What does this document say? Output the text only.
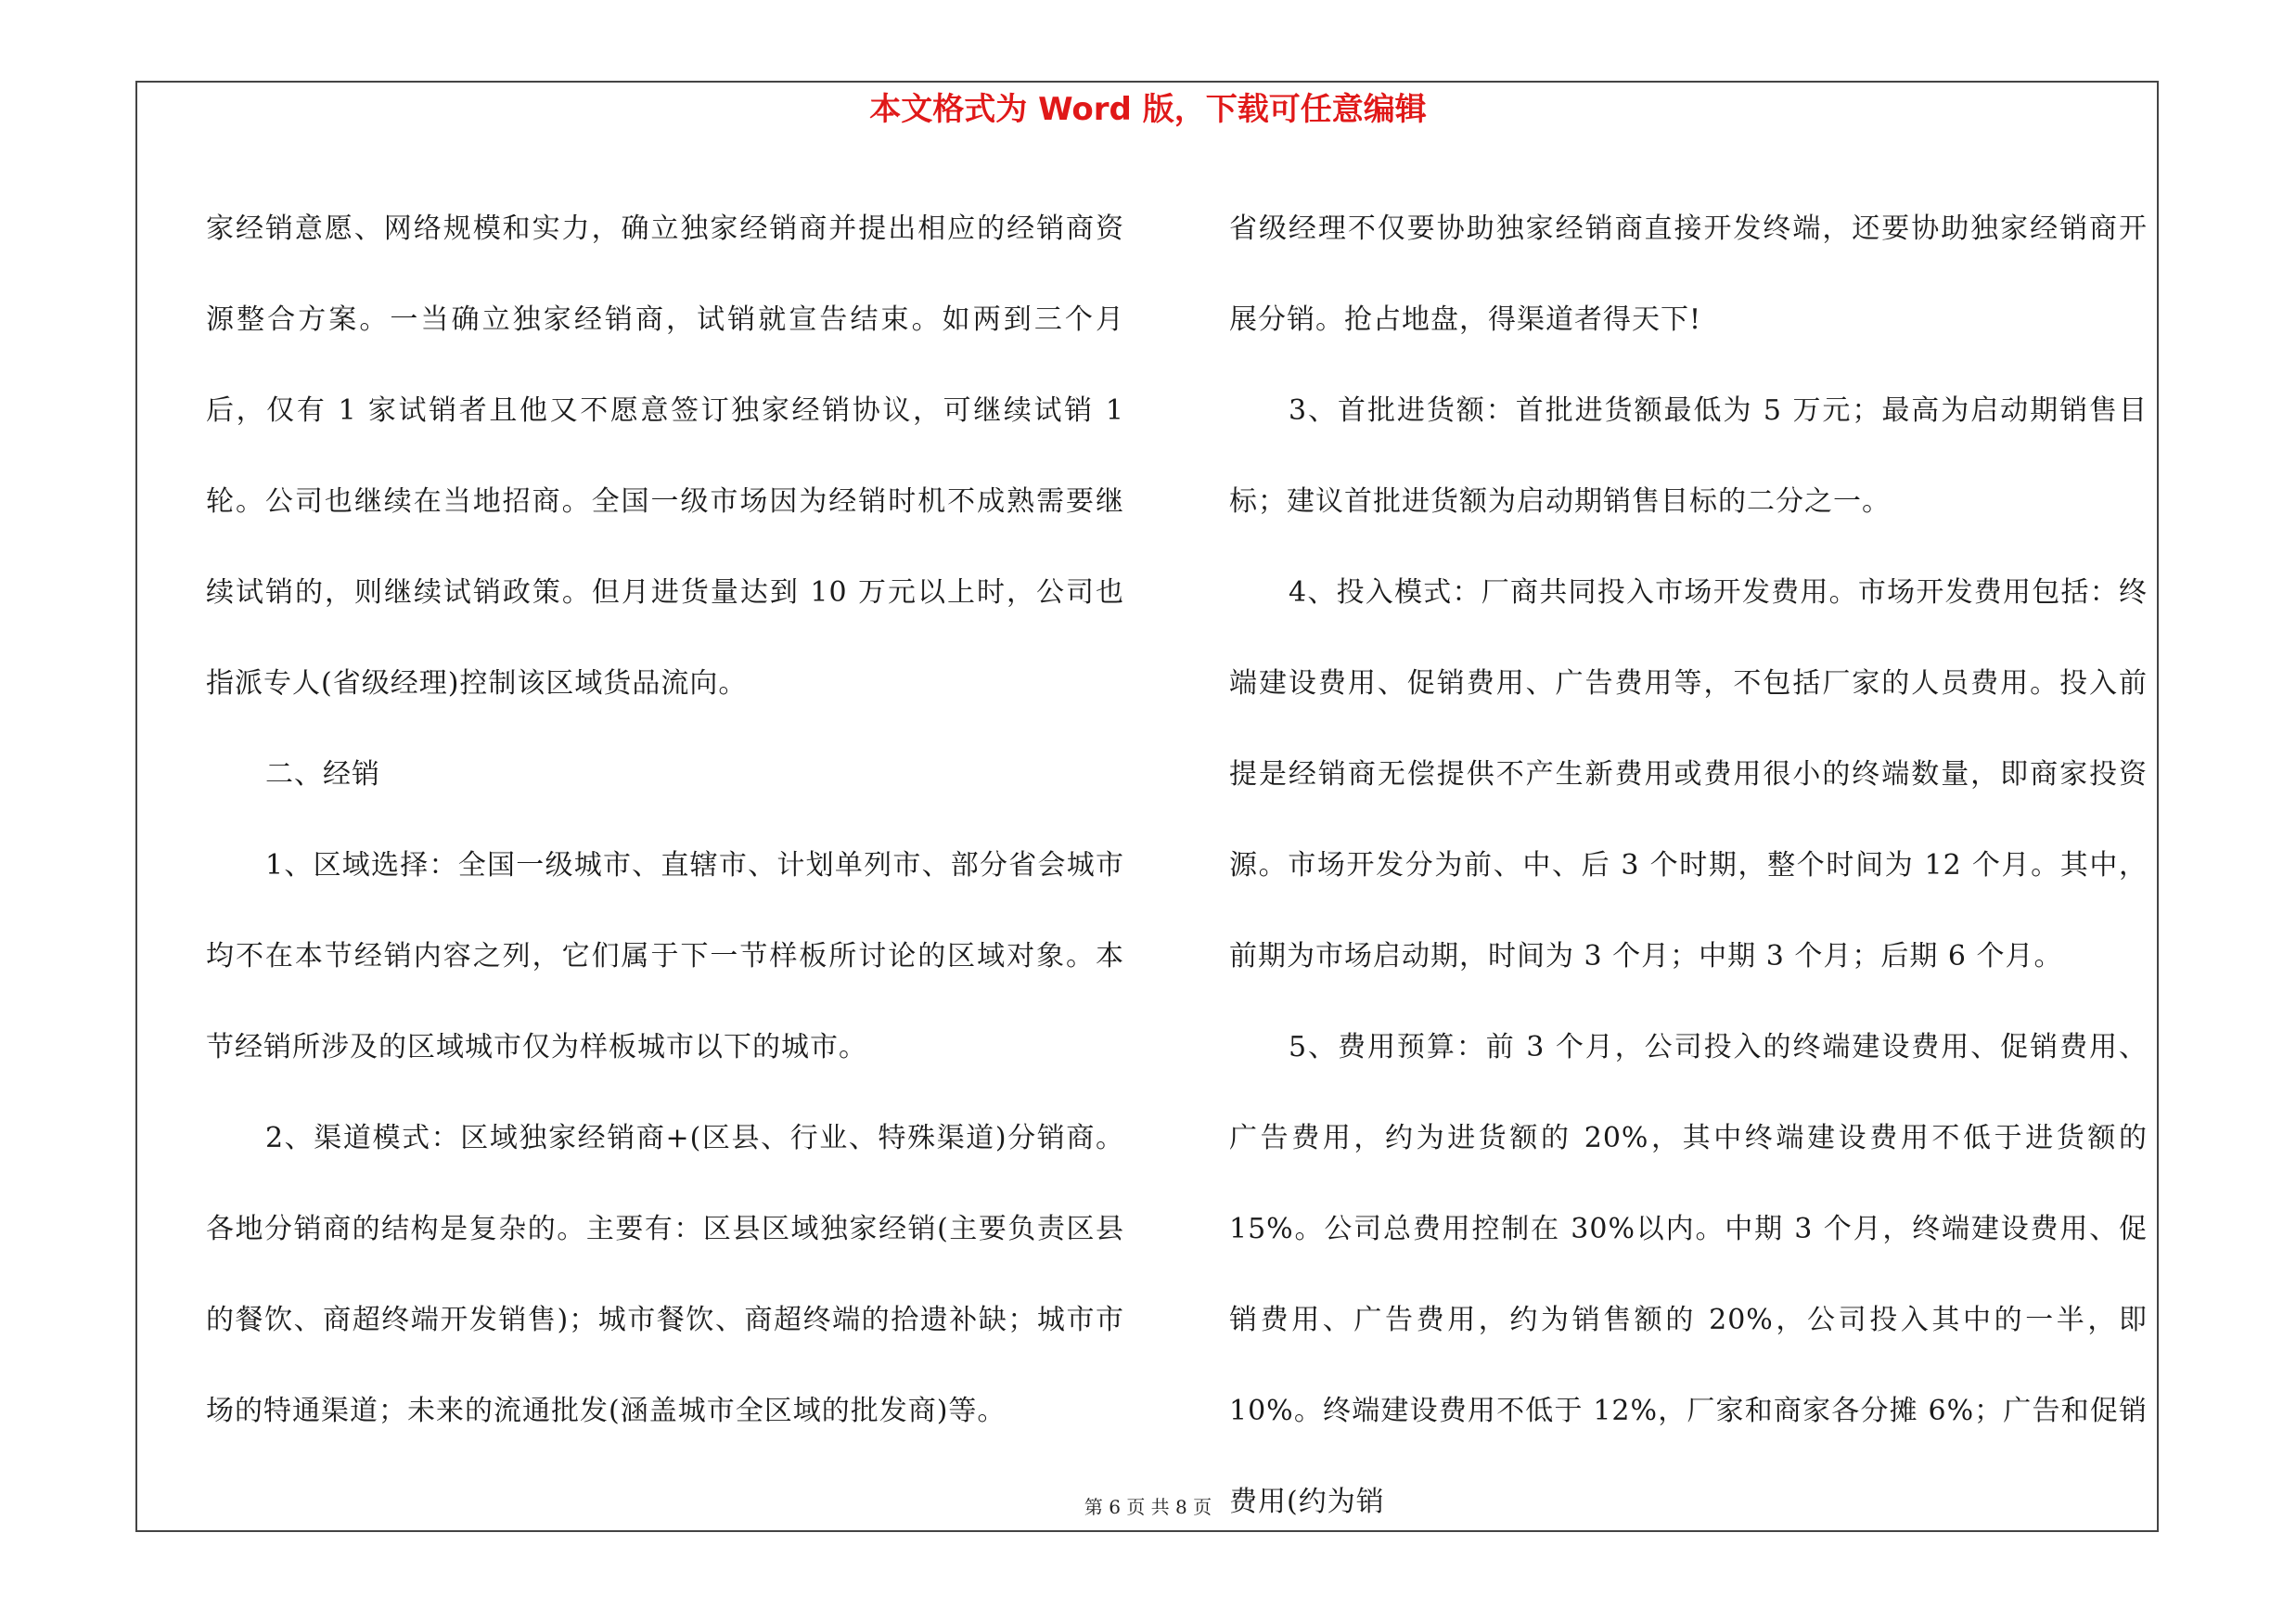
本文格式为 Word 版，下载可任意编辑

家经销意愿、网络规模和实力，确立独家经销商并提出相应的经销商资源整合方案。一当确立独家经销商，试销就宣告结束。如两到三个月后，仅有 1 家试销者且他又不愿意签订独家经销协议，可继续试销 1 轮。公司也继续在当地招商。全国一级市场因为经销时机不成熟需要继续试销的，则继续试销政策。但月进货量达到 10 万元以上时，公司也指派专人(省级经理)控制该区域货品流向。

二、经销

1、区域选择：全国一级城市、直辖市、计划单列市、部分省会城市均不在本节经销内容之列，它们属于下一节样板所讨论的区域对象。本节经销所涉及的区域城市仅为样板城市以下的城市。

2、渠道模式：区域独家经销商+(区县、行业、特殊渠道)分销商。各地分销商的结构是复杂的。主要有：区县区域独家经销(主要负责区县的餐饮、商超终端开发销售)；城市餐饮、商超终端的拾遗补缺；城市市场的特通渠道；未来的流通批发(涵盖城市全区域的批发商)等。

省级经理不仅要协助独家经销商直接开发终端，还要协助独家经销商开展分销。抢占地盘，得渠道者得天下!

3、首批进货额：首批进货额最低为 5 万元；最高为启动期销售目标；建议首批进货额为启动期销售目标的二分之一。

4、投入模式：厂商共同投入市场开发费用。市场开发费用包括：终端建设费用、促销费用、广告费用等，不包括厂家的人员费用。投入前提是经销商无偿提供不产生新费用或费用很小的终端数量，即商家投资源。市场开发分为前、中、后 3 个时期，整个时间为 12 个月。其中，前期为市场启动期，时间为 3 个月；中期 3 个月；后期 6 个月。

5、费用预算：前 3 个月，公司投入的终端建设费用、促销费用、广告费用，约为进货额的 20%，其中终端建设费用不低于进货额的 15%。公司总费用控制在 30%以内。中期 3 个月，终端建设费用、促销费用、广告费用，约为销售额的 20%，公司投入其中的一半，即 10%。终端建设费用不低于 12%，厂家和商家各分摊 6%；广告和促销费用(约为销

第 6 页 共 8 页
